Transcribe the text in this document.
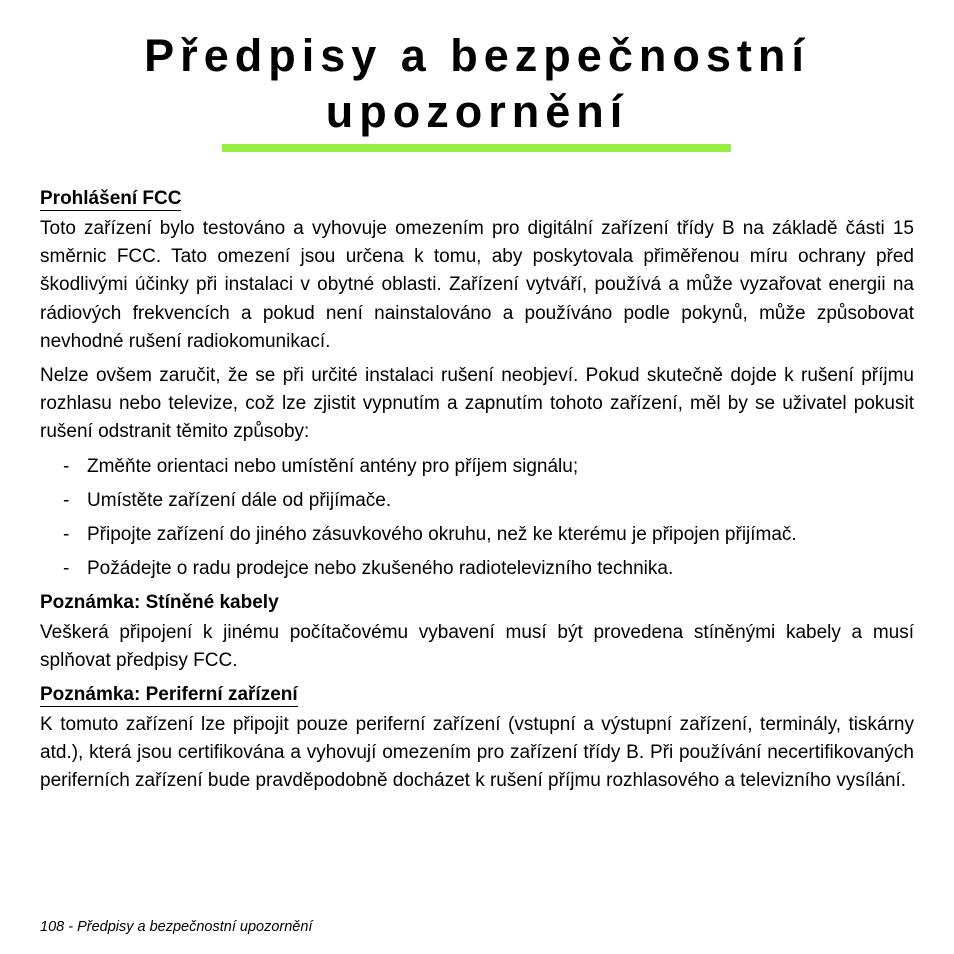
Předpisy a bezpečnostní
upozornění
Prohlášení FCC

Toto zařízení bylo testováno a vyhovuje omezením pro digitální zařízení třídy B na základě části 15 směrnic FCC. Tato omezení jsou určena k tomu, aby poskytovala přiměřenou míru ochrany před škodlivými účinky při instalaci v obytné oblasti. Zařízení vytváří, používá a může vyzařovat energii na rádiových frekvencích a pokud není nainstalováno a používáno podle pokynů, může způsobovat nevhodné rušení radiokomunikací.

Nelze ovšem zaručit, že se při určité instalaci rušení neobjeví. Pokud skutečně dojde k rušení příjmu rozhlasu nebo televize, což lze zjistit vypnutím a zapnutím tohoto zařízení, měl by se uživatel pokusit rušení odstranit těmito způsoby:

- Změňte orientaci nebo umístění antény pro příjem signálu;
- Umístěte zařízení dále od přijímače.
- Připojte zařízení do jiného zásuvkového okruhu, než ke kterému je připojen přijímač.
- Požádejte o radu prodejce nebo zkušeného radiotelevizního technika.
Poznámka: Stíněné kabely

Veškerá připojení k jinému počítačovému vybavení musí být provedena stíněnými kabely a musí splňovat předpisy FCC.

Poznámka: Periferní zařízení

K tomuto zařízení lze připojit pouze periferní zařízení (vstupní a výstupní zařízení, terminály, tiskárny atd.), která jsou certifikována a vyhovují omezením pro zařízení třídy B. Při používání necertifikovaných periferních zařízení bude pravděpodobně docházet k rušení příjmu rozhlasového a televizního vysílání.

108 - Předpisy a bezpečnostní upozornění
